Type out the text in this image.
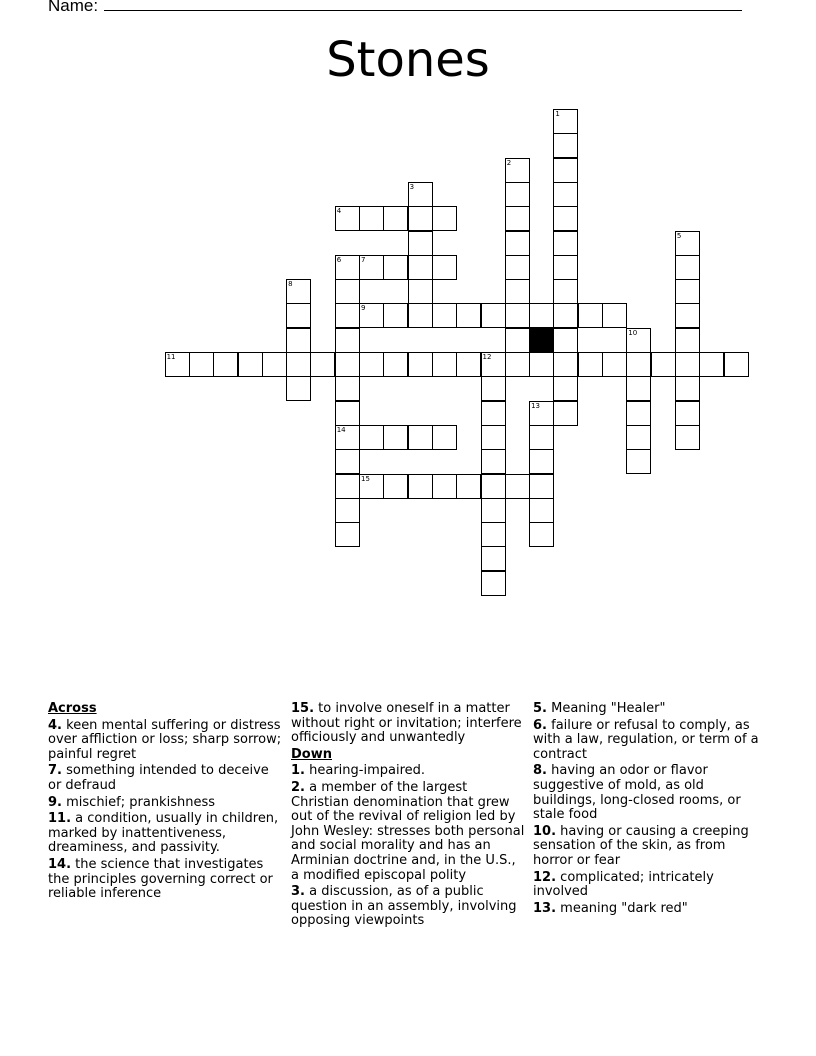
Name:
Stones
1
2
3
4
5
6
14
7
8
9
10
11	12
13
15
Across
4. keen mental suffering or distress over affliction or loss; sharp sorrow; painful regret
7. something intended to deceive or defraud
9. mischief; prankishness
11. a condition, usually in children, marked by inattentiveness, dreaminess, and passivity.
14. the science that investigates the principles governing correct or reliable inference
15. to involve oneself in a matter without right or invitation; interfere officiously and unwantedly
Down
1. hearing-impaired.
2. a member of the largest Christian denomination that grew out of the revival of religion led by John Wesley: stresses both personal and social morality and has an Arminian doctrine and, in the U.S., a modified episcopal polity
3. a discussion, as of a public question in an assembly, involving opposing viewpoints
5. Meaning "Healer"
6. failure or refusal to comply, as with a law, regulation, or term of a contract
8. having an odor or flavor suggestive of mold, as old buildings, long-closed rooms, or stale food
10. having or causing a creeping sensation of the skin, as from horror or fear
12. complicated; intricately involved
13. meaning "dark red"
